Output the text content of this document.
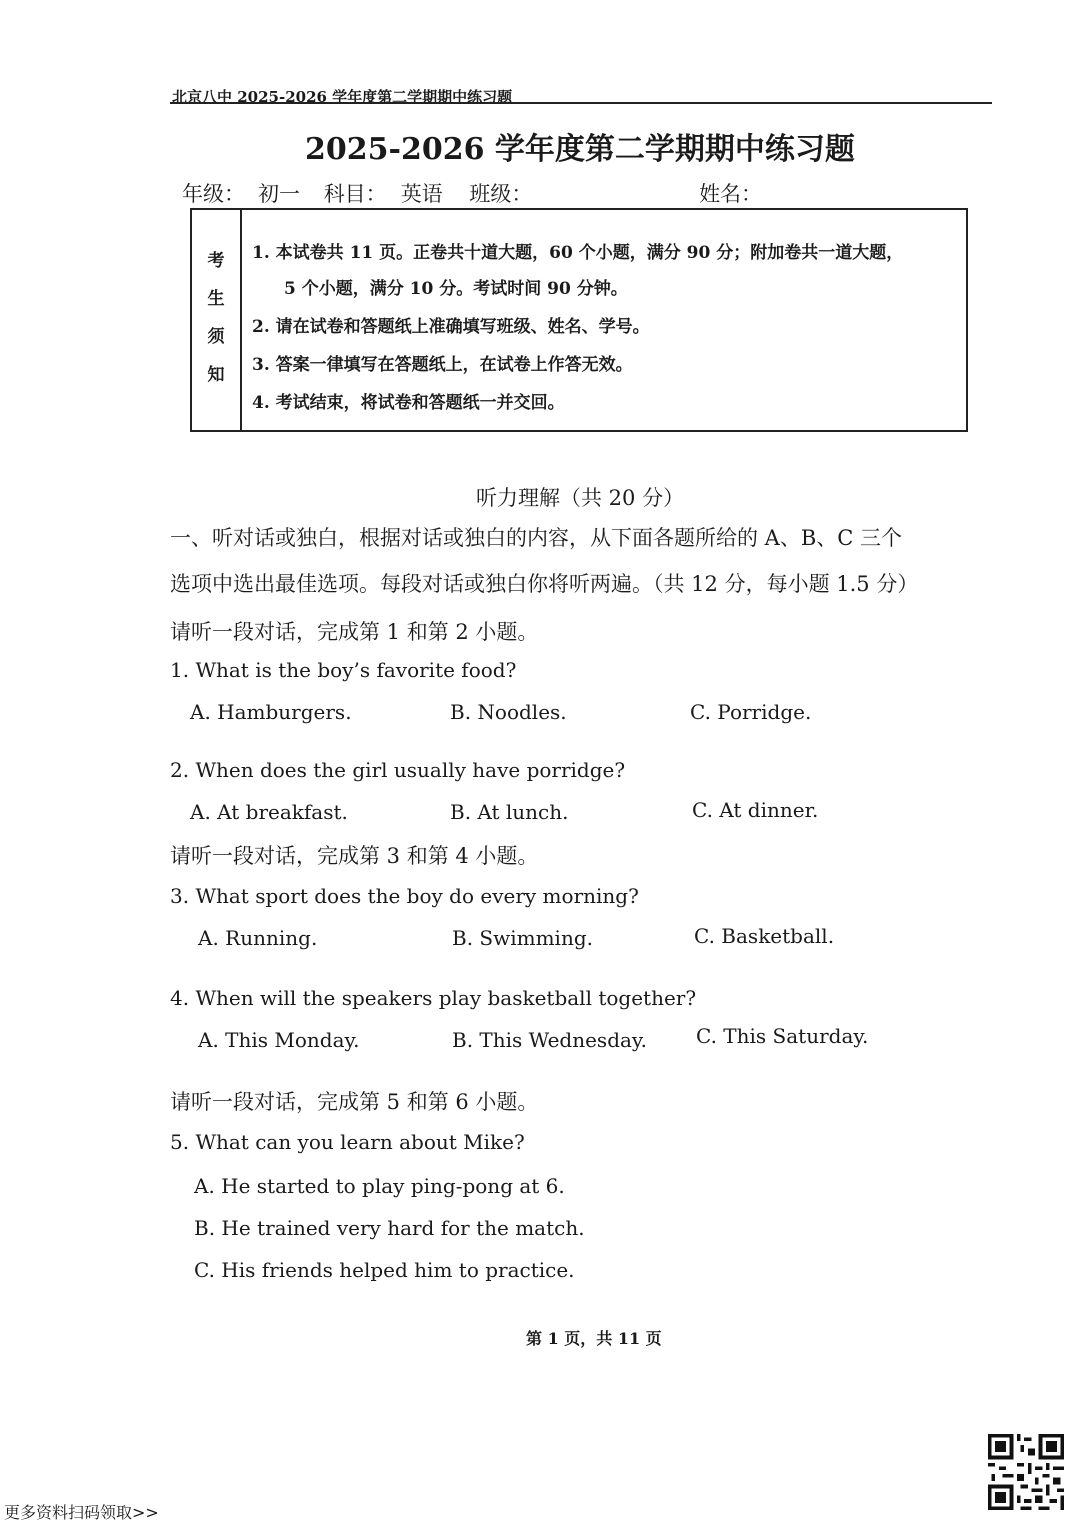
北京八中 2025-2026 学年度第二学期期中练习题
2025-2026 学年度第二学期期中练习题
年级： 初一 科目： 英语 班级：	姓名：
考
生
须
知
1. 本试卷共 11 页。正卷共十道大题，60 个小题，满分 90 分；附加卷共一道大题，
5 个小题，满分 10 分。考试时间 90 分钟。
2. 请在试卷和答题纸上准确填写班级、姓名、学号。
3. 答案一律填写在答题纸上，在试卷上作答无效。
4. 考试结束，将试卷和答题纸一并交回。
听力理解（共 20 分）
一、听对话或独白，根据对话或独白的内容，从下面各题所给的 A、B、C 三个
选项中选出最佳选项。每段对话或独白你将听两遍。（共 12 分，每小题 1.5 分）
请听一段对话，完成第 1 和第 2 小题。
1. What is the boy’s favorite food?
A. Hamburgers.	B. Noodles.	C. Porridge.
2. When does the girl usually have porridge?
A. At breakfast.	B. At lunch.	C. At dinner.
请听一段对话，完成第 3 和第 4 小题。
3. What sport does the boy do every morning?
A. Running.	B. Swimming.	C. Basketball.
4. When will the speakers play basketball together?
A. This Monday.	B. This Wednesday. C. This Saturday.
请听一段对话，完成第 5 和第 6 小题。
5. What can you learn about Mike?
A. He started to play ping-pong at 6.
B. He trained very hard for the match.
C. His friends helped him to practice.
第 1 页，共 11 页
更多资料扫码领取>>
